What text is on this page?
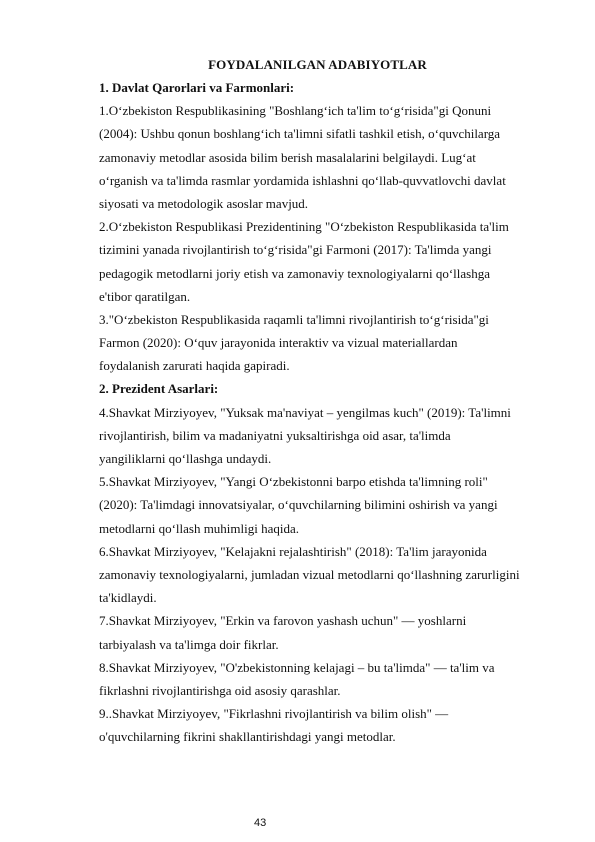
FOYDALANILGAN ADABIYOTLAR
1. Davlat Qarorlari va Farmonlari:
1.O‘zbekiston Respublikasining "Boshlang‘ich ta'lim to‘g‘risida"gi Qonuni
(2004): Ushbu qonun boshlang‘ich ta'limni sifatli tashkil etish, o‘quvchilarga
zamonaviy metodlar asosida bilim berish masalalarini belgilaydi. Lug‘at
o‘rganish va ta'limda rasmlar yordamida ishlashni qo‘llab-quvvatlovchi davlat
siyosati va metodologik asoslar mavjud.
2.O‘zbekiston Respublikasi Prezidentining "O‘zbekiston Respublikasida ta'lim
tizimini yanada rivojlantirish to‘g‘risida"gi Farmoni (2017): Ta'limda yangi
pedagogik metodlarni joriy etish va zamonaviy texnologiyalarni qo‘llashga
e'tibor qaratilgan.
3."O‘zbekiston Respublikasida raqamli ta'limni rivojlantirish to‘g‘risida"gi
Farmon (2020): O‘quv jarayonida interaktiv va vizual materiallardan
foydalanish zarurati haqida gapiradi.
2. Prezident Asarlari:
4.Shavkat Mirziyoyev, "Yuksak ma'naviyat – yengilmas kuch" (2019): Ta'limni
rivojlantirish, bilim va madaniyatni yuksaltirishga oid asar, ta'limda
yangiliklarni qo‘llashga undaydi.
5.Shavkat Mirziyoyev, "Yangi O‘zbekistonni barpo etishda ta'limning roli"
(2020): Ta'limdagi innovatsiyalar, o‘quvchilarning bilimini oshirish va yangi
metodlarni qo‘llash muhimligi haqida.
6.Shavkat Mirziyoyev, "Kelajakni rejalashtirish" (2018): Ta'lim jarayonida
zamonaviy texnologiyalarni, jumladan vizual metodlarni qo‘llashning zarurligini
ta'kidlaydi.
7.Shavkat Mirziyoyev, "Erkin va farovon yashash uchun" — yoshlarni
tarbiyalash va ta'limga doir fikrlar.
8.Shavkat Mirziyoyev, "O'zbekistonning kelajagi – bu ta'limda" — ta'lim va
fikrlashni rivojlantirishga oid asosiy qarashlar.
9..Shavkat Mirziyoyev, "Fikrlashni rivojlantirish va bilim olish" —
o'quvchilarning fikrini shakllantirishdagi yangi metodlar.
43
